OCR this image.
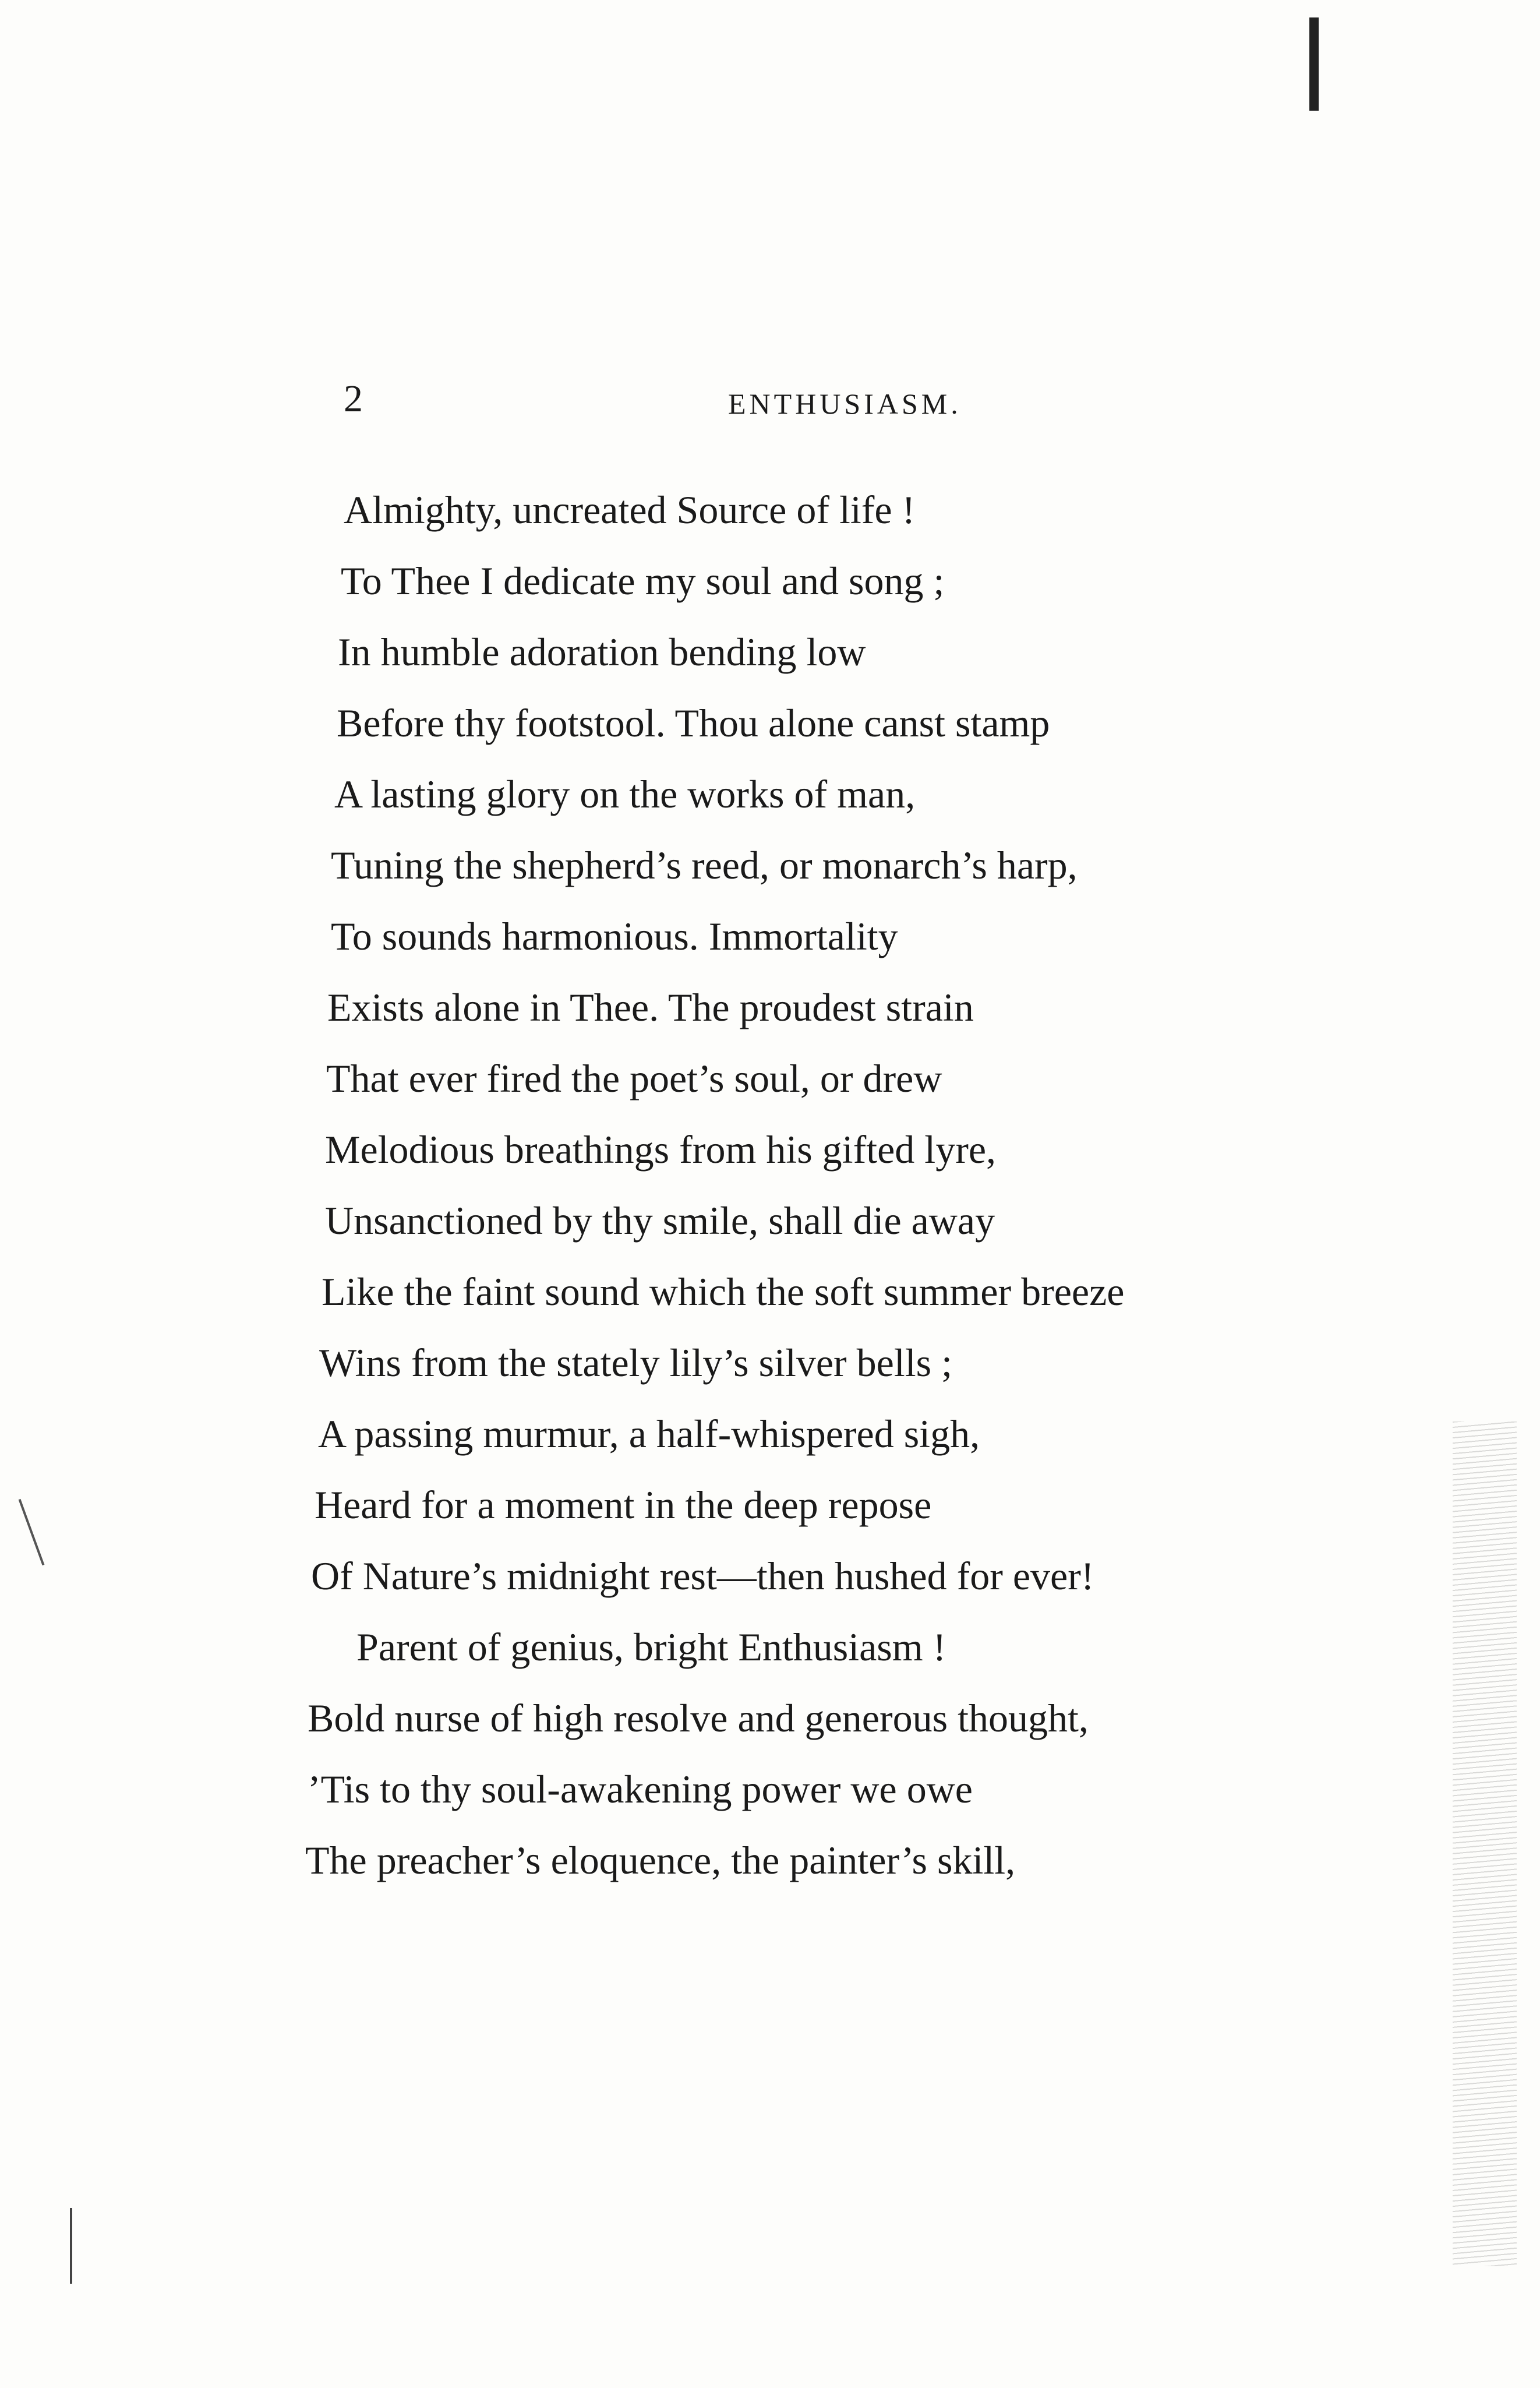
2	ENTHUSIASM.
Almighty, uncreated Source of life !
To Thee I dedicate my soul and song ;
In humble adoration bending low
Before thy footstool. Thou alone canst stamp
A lasting glory on the works of man,
Tuning the shepherd’s reed, or monarch’s harp,
To sounds harmonious. Immortality
Exists alone in Thee. The proudest strain
That ever fired the poet’s soul, or drew
Melodious breathings from his gifted lyre,
Unsanctioned by thy smile, shall die away
Like the faint sound which the soft summer breeze
Wins from the stately lily’s silver bells ;
A passing murmur, a half-whispered sigh,
Heard for a moment in the deep repose
Of Nature’s midnight rest—then hushed for ever!
Parent of genius, bright Enthusiasm !
Bold nurse of high resolve and generous thought,
’Tis to thy soul-awakening power we owe
The preacher’s eloquence, the painter’s skill,
